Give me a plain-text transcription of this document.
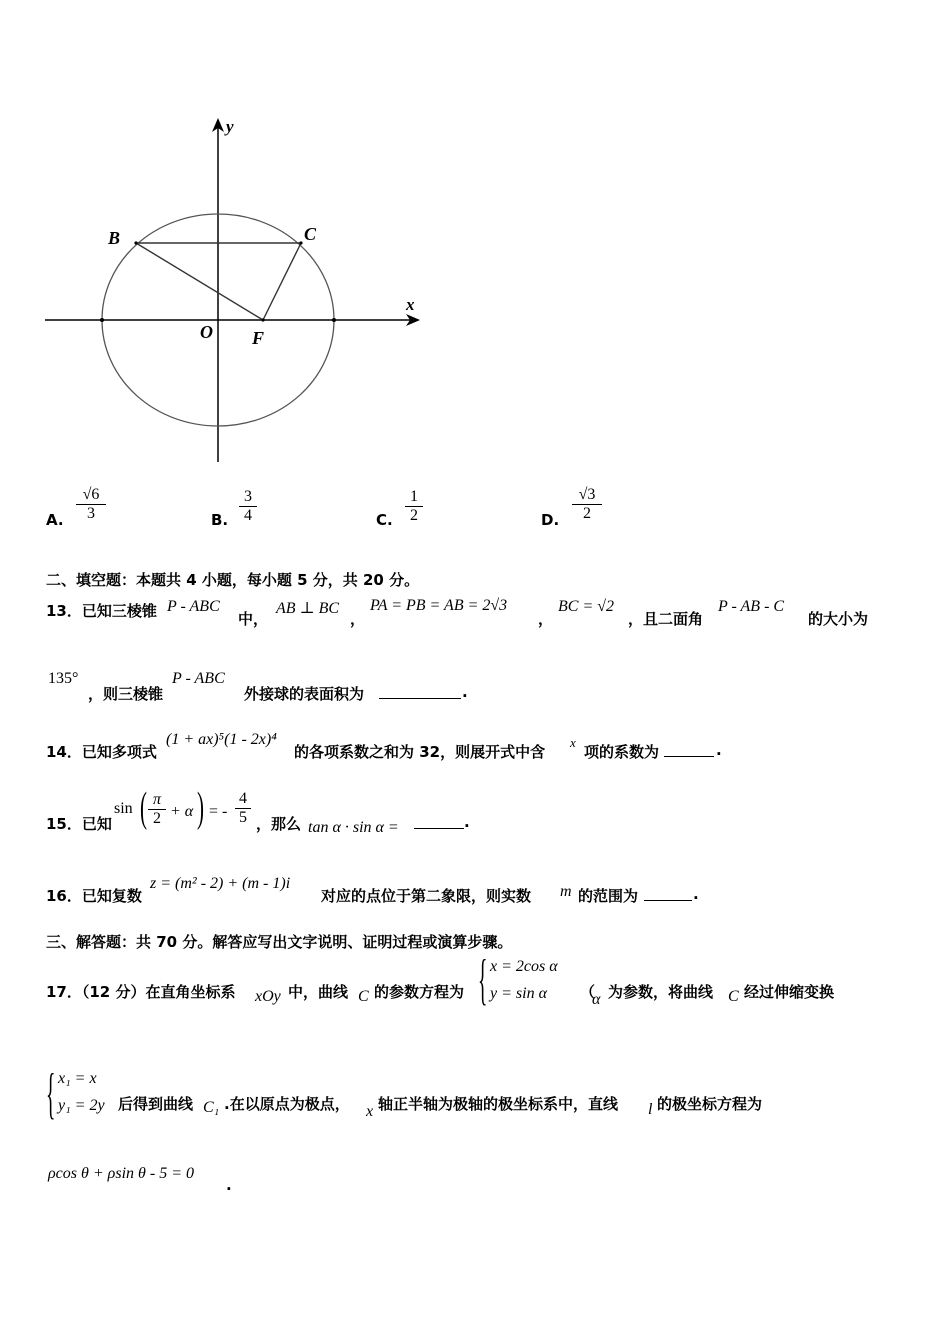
y
x
B	C
O F
A.
√6
3	B.
3
4	C.
1
2	D.
√3
2
二、填空题：本题共 4 小题，每小题 5 分，共 20 分。
13．已知三棱锥 P - ABC
中，
AB ⊥ BC
，
PA = PB = AB = 2√3
，
BC = √2
，且二面角
P - AB - C
的大小为
135°
，则三棱锥
P - ABC
外接球的表面积为	.
14．已知多项式
(1 + ax)⁵(1 - 2x)⁴
的各项系数之和为 32，则展开式中含
x
项的系数为	.
15．已知
sin ( π
2 + α ) = -
4
5 ，那么 tan α · sin α =	.
16．已知复数
z = (m² - 2) + (m - 1)i
对应的点位于第二象限，则实数 m 的范围为	.
三、解答题：共 70 分。解答应写出文字说明、证明过程或演算步骤。
17．（12 分）在直角坐标系 xOy 中，曲线 C 的参数方程为 { x = 2cos α
y = sin α （
α 为参数，将曲线 C 经过伸缩变换
{ x₁ = x
y₁ = 2y 后得到曲线 C₁ .在以原点为极点， x 轴正半轴为极轴的极坐标系中，直线 l 的极坐标方程为
ρcos θ + ρsin θ - 5 = 0
.
